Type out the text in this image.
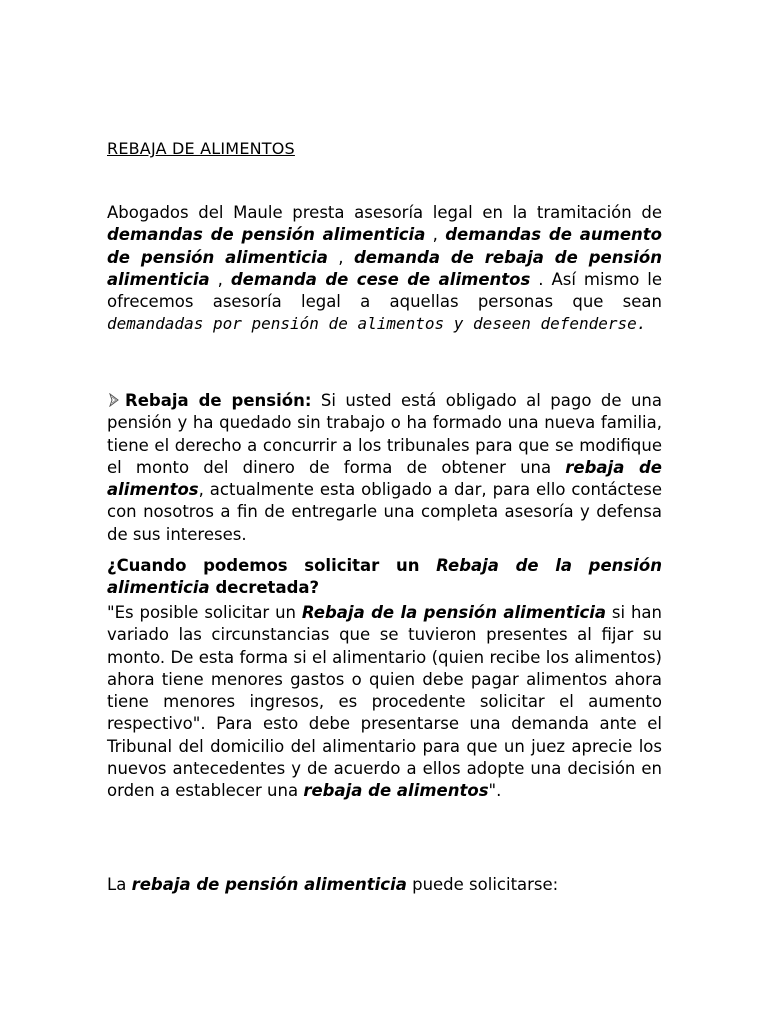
REBAJA DE ALIMENTOS

Abogados del Maule presta asesoría legal en la tramitación de demandas de pensión alimenticia , demandas de aumento de pensión alimenticia , demanda de rebaja de pensión alimenticia , demanda de cese de alimentos . Así mismo le ofrecemos asesoría legal a aquellas personas que sean demandadas por pensión de alimentos y deseen defenderse.

Rebaja de pensión: Si usted está obligado al pago de una pensión y ha quedado sin trabajo o ha formado una nueva familia, tiene el derecho a concurrir a los tribunales para que se modifique el monto del dinero de forma de obtener una rebaja de alimentos, actualmente esta obligado a dar, para ello contáctese con nosotros a fin de entregarle una completa asesoría y defensa de sus intereses.

¿Cuando podemos solicitar un Rebaja de la pensión alimenticia decretada?

"Es posible solicitar un Rebaja de la pensión alimenticia si han variado las circunstancias que se tuvieron presentes al fijar su monto. De esta forma si el alimentario (quien recibe los alimentos) ahora tiene menores gastos o quien debe pagar alimentos ahora tiene menores ingresos, es procedente solicitar el aumento respectivo". Para esto debe presentarse una demanda ante el Tribunal del domicilio del alimentario para que un juez aprecie los nuevos antecedentes y de acuerdo a ellos adopte una decisión en orden a establecer una rebaja de alimentos".

La rebaja de pensión alimenticia puede solicitarse:
